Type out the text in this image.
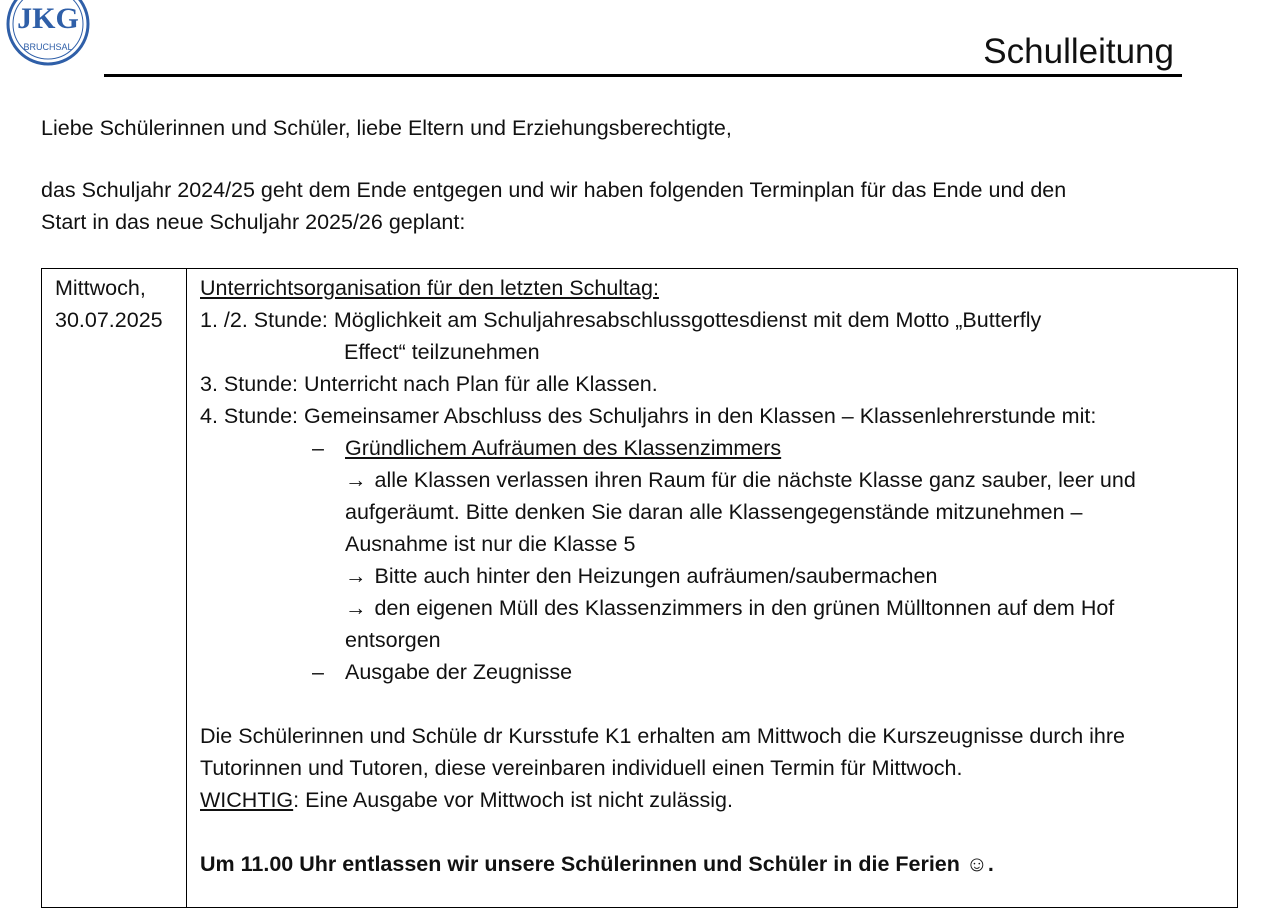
JKG
BRUCHSAL	Schulleitung
Liebe Schülerinnen und Schüler, liebe Eltern und Erziehungsberechtigte,
das Schuljahr 2024/25 geht dem Ende entgegen und wir haben folgenden Terminplan für das Ende und den
Start in das neue Schuljahr 2025/26 geplant:
Mittwoch,
30.07.2025
Unterrichtsorganisation für den letzten Schultag:
1. /2. Stunde: Möglichkeit am Schuljahresabschlussgottesdienst mit dem Motto „Butterfly
Effect“ teilzunehmen
3. Stunde: Unterricht nach Plan für alle Klassen.
4. Stunde: Gemeinsamer Abschluss des Schuljahrs in den Klassen – Klassenlehrerstunde mit:
– Gründlichem Aufräumen des Klassenzimmers
→ alle Klassen verlassen ihren Raum für die nächste Klasse ganz sauber, leer und
aufgeräumt. Bitte denken Sie daran alle Klassengegenstände mitzunehmen –
Ausnahme ist nur die Klasse 5
→ Bitte auch hinter den Heizungen aufräumen/saubermachen
→ den eigenen Müll des Klassenzimmers in den grünen Mülltonnen auf dem Hof
entsorgen
– Ausgabe der Zeugnisse
Die Schülerinnen und Schüle dr Kursstufe K1 erhalten am Mittwoch die Kurszeugnisse durch ihre
Tutorinnen und Tutoren, diese vereinbaren individuell einen Termin für Mittwoch.
WICHTIG: Eine Ausgabe vor Mittwoch ist nicht zulässig.
Um 11.00 Uhr entlassen wir unsere Schülerinnen und Schüler in die Ferien ☺.
